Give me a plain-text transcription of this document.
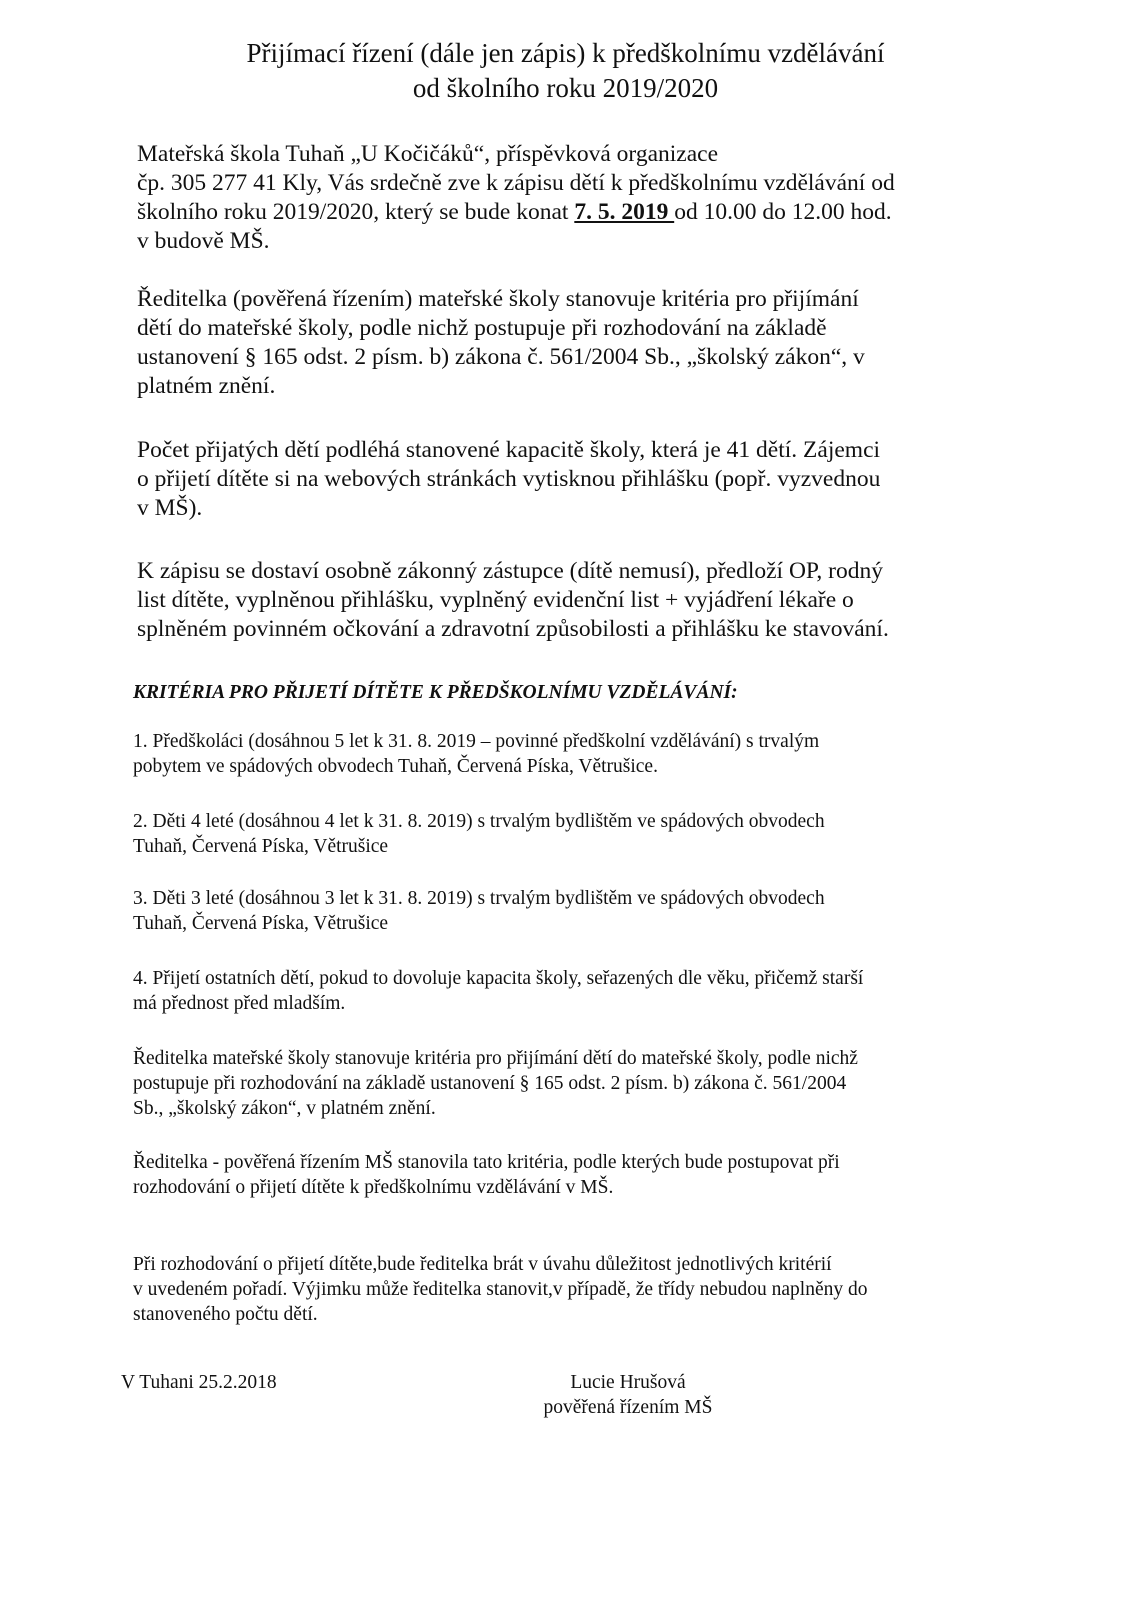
Přijímací řízení (dále jen zápis) k předškolnímu vzdělávání
od školního roku 2019/2020

Mateřská škola Tuhaň „U Kočičáků“, příspěvková organizace
čp. 305 277 41 Kly, Vás srdečně zve k zápisu dětí k předškolnímu vzdělávání od
školního roku 2019/2020, který se bude konat 7. 5. 2019 od 10.00 do 12.00 hod.
v budově MŠ.

Ředitelka (pověřená řízením) mateřské školy stanovuje kritéria pro přijímání
dětí do mateřské školy, podle nichž postupuje při rozhodování na základě
ustanovení § 165 odst. 2 písm. b) zákona č. 561/2004 Sb., „školský zákon“, v
platném znění.

Počet přijatých dětí podléhá stanovené kapacitě školy, která je 41 dětí. Zájemci
o přijetí dítěte si na webových stránkách vytisknou přihlášku (popř. vyzvednou
v MŠ).

K zápisu se dostaví osobně zákonný zástupce (dítě nemusí), předloží OP, rodný
list dítěte, vyplněnou přihlášku, vyplněný evidenční list + vyjádření lékaře o
splněném povinném očkování a zdravotní způsobilosti a přihlášku ke stavování.

KRITÉRIA PRO PŘIJETÍ DÍTĚTE K PŘEDŠKOLNÍMU VZDĚLÁVÁNÍ:

1. Předškoláci (dosáhnou 5 let k 31. 8. 2019 – povinné předškolní vzdělávání) s trvalým
pobytem ve spádových obvodech Tuhaň, Červená Píska, Větrušice.

2. Děti 4 leté (dosáhnou 4 let k 31. 8. 2019) s trvalým bydlištěm ve spádových obvodech
Tuhaň, Červená Píska, Větrušice

3. Děti 3 leté (dosáhnou 3 let k 31. 8. 2019) s trvalým bydlištěm ve spádových obvodech
Tuhaň, Červená Píska, Větrušice

4. Přijetí ostatních dětí, pokud to dovoluje kapacita školy, seřazených dle věku, přičemž starší
má přednost před mladším.

Ředitelka mateřské školy stanovuje kritéria pro přijímání dětí do mateřské školy, podle nichž
postupuje při rozhodování na základě ustanovení § 165 odst. 2 písm. b) zákona č. 561/2004
Sb., „školský zákon“, v platném znění.

Ředitelka - pověřená řízením MŠ stanovila tato kritéria, podle kterých bude postupovat při
rozhodování o přijetí dítěte k předškolnímu vzdělávání v MŠ.

Při rozhodování o přijetí dítěte,bude ředitelka brát v úvahu důležitost jednotlivých kritérií
v uvedeném pořadí. Výjimku může ředitelka stanovit,v případě, že třídy nebudou naplněny do
stanoveného počtu dětí.

V Tuhani 25.2.2018	Lucie Hrušová
pověřená řízením MŠ
